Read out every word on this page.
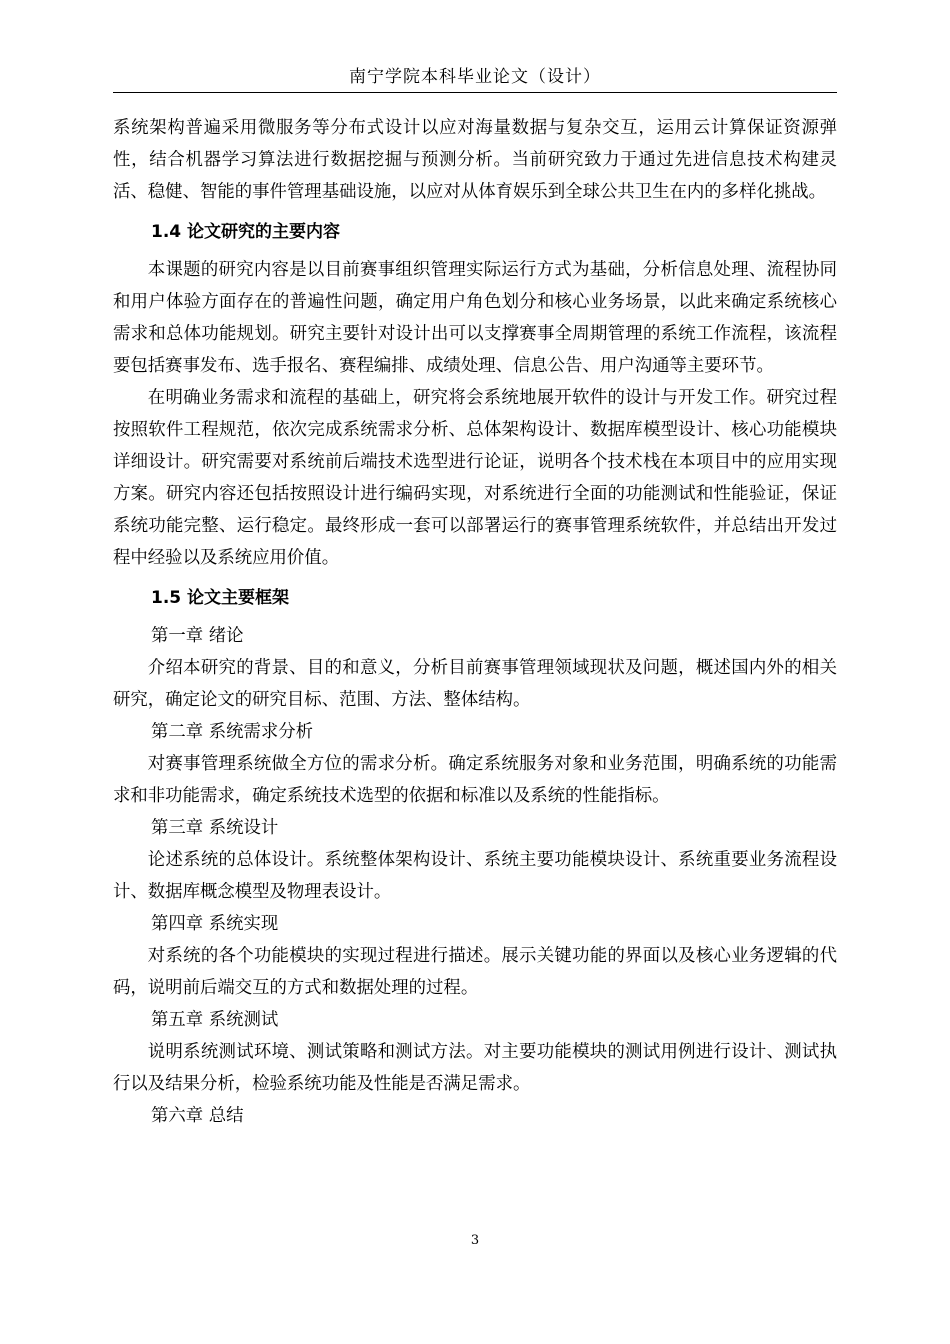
南宁学院本科毕业论文（设计）

系统架构普遍采用微服务等分布式设计以应对海量数据与复杂交互，运用云计算保证资源弹性，结合机器学习算法进行数据挖掘与预测分析。当前研究致力于通过先进信息技术构建灵活、稳健、智能的事件管理基础设施，以应对从体育娱乐到全球公共卫生在内的多样化挑战。

1.4 论文研究的主要内容

本课题的研究内容是以目前赛事组织管理实际运行方式为基础，分析信息处理、流程协同和用户体验方面存在的普遍性问题，确定用户角色划分和核心业务场景，以此来确定系统核心需求和总体功能规划。研究主要针对设计出可以支撑赛事全周期管理的系统工作流程，该流程要包括赛事发布、选手报名、赛程编排、成绩处理、信息公告、用户沟通等主要环节。

在明确业务需求和流程的基础上，研究将会系统地展开软件的设计与开发工作。研究过程按照软件工程规范，依次完成系统需求分析、总体架构设计、数据库模型设计、核心功能模块详细设计。研究需要对系统前后端技术选型进行论证，说明各个技术栈在本项目中的应用实现方案。研究内容还包括按照设计进行编码实现，对系统进行全面的功能测试和性能验证，保证系统功能完整、运行稳定。最终形成一套可以部署运行的赛事管理系统软件，并总结出开发过程中经验以及系统应用价值。

1.5 论文主要框架

第一章 绪论

介绍本研究的背景、目的和意义，分析目前赛事管理领域现状及问题，概述国内外的相关研究，确定论文的研究目标、范围、方法、整体结构。

第二章 系统需求分析

对赛事管理系统做全方位的需求分析。确定系统服务对象和业务范围，明确系统的功能需求和非功能需求，确定系统技术选型的依据和标准以及系统的性能指标。

第三章 系统设计

论述系统的总体设计。系统整体架构设计、系统主要功能模块设计、系统重要业务流程设计、数据库概念模型及物理表设计。

第四章 系统实现

对系统的各个功能模块的实现过程进行描述。展示关键功能的界面以及核心业务逻辑的代码，说明前后端交互的方式和数据处理的过程。

第五章 系统测试

说明系统测试环境、测试策略和测试方法。对主要功能模块的测试用例进行设计、测试执行以及结果分析，检验系统功能及性能是否满足需求。

第六章 总结

3
